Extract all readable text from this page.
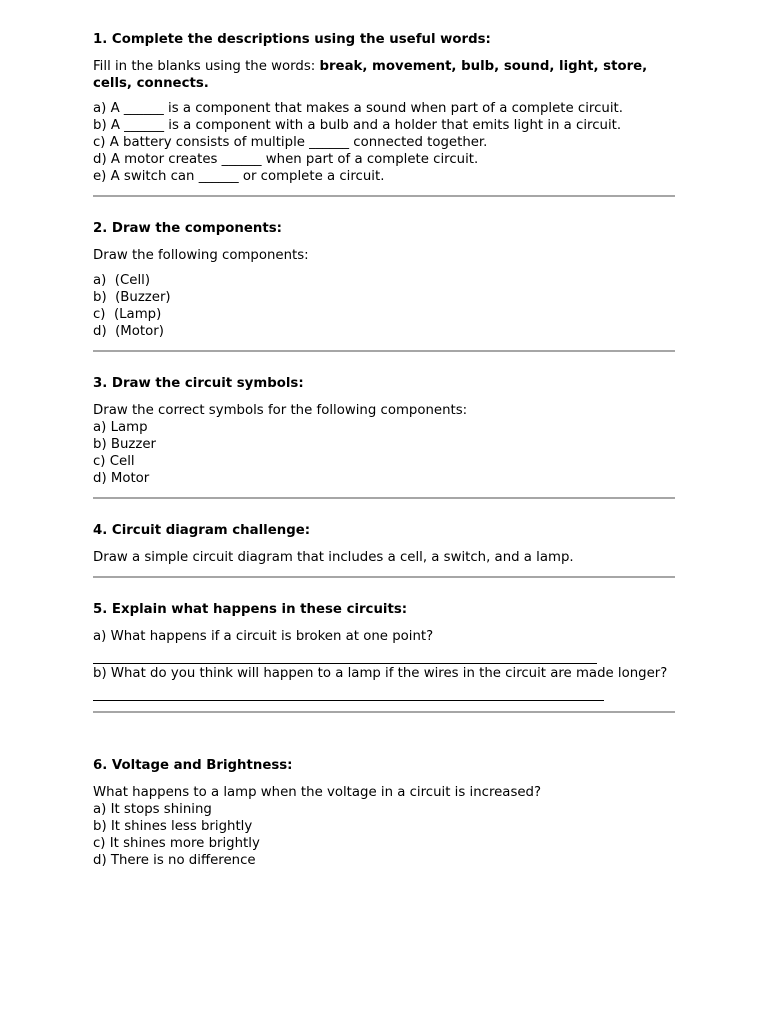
1. Complete the descriptions using the useful words:

Fill in the blanks using the words: break, movement, bulb, sound, light, store, cells, connects.

a) A ______ is a component that makes a sound when part of a complete circuit.
b) A ______ is a component with a bulb and a holder that emits light in a circuit.
c) A battery consists of multiple ______ connected together.
d) A motor creates ______ when part of a complete circuit.
e) A switch can ______ or complete a circuit.
2. Draw the components:

Draw the following components:

a)  (Cell)
b)  (Buzzer)
c)  (Lamp)
d)  (Motor)
3. Draw the circuit symbols:

Draw the correct symbols for the following components:

a) Lamp
b) Buzzer
c) Cell
d) Motor
4. Circuit diagram challenge:

Draw a simple circuit diagram that includes a cell, a switch, and a lamp.

5. Explain what happens in these circuits:

a) What happens if a circuit is broken at one point?

b) What do you think will happen to a lamp if the wires in the circuit are made longer?

6. Voltage and Brightness:

What happens to a lamp when the voltage in a circuit is increased?

a) It stops shining
b) It shines less brightly
c) It shines more brightly
d) There is no difference
